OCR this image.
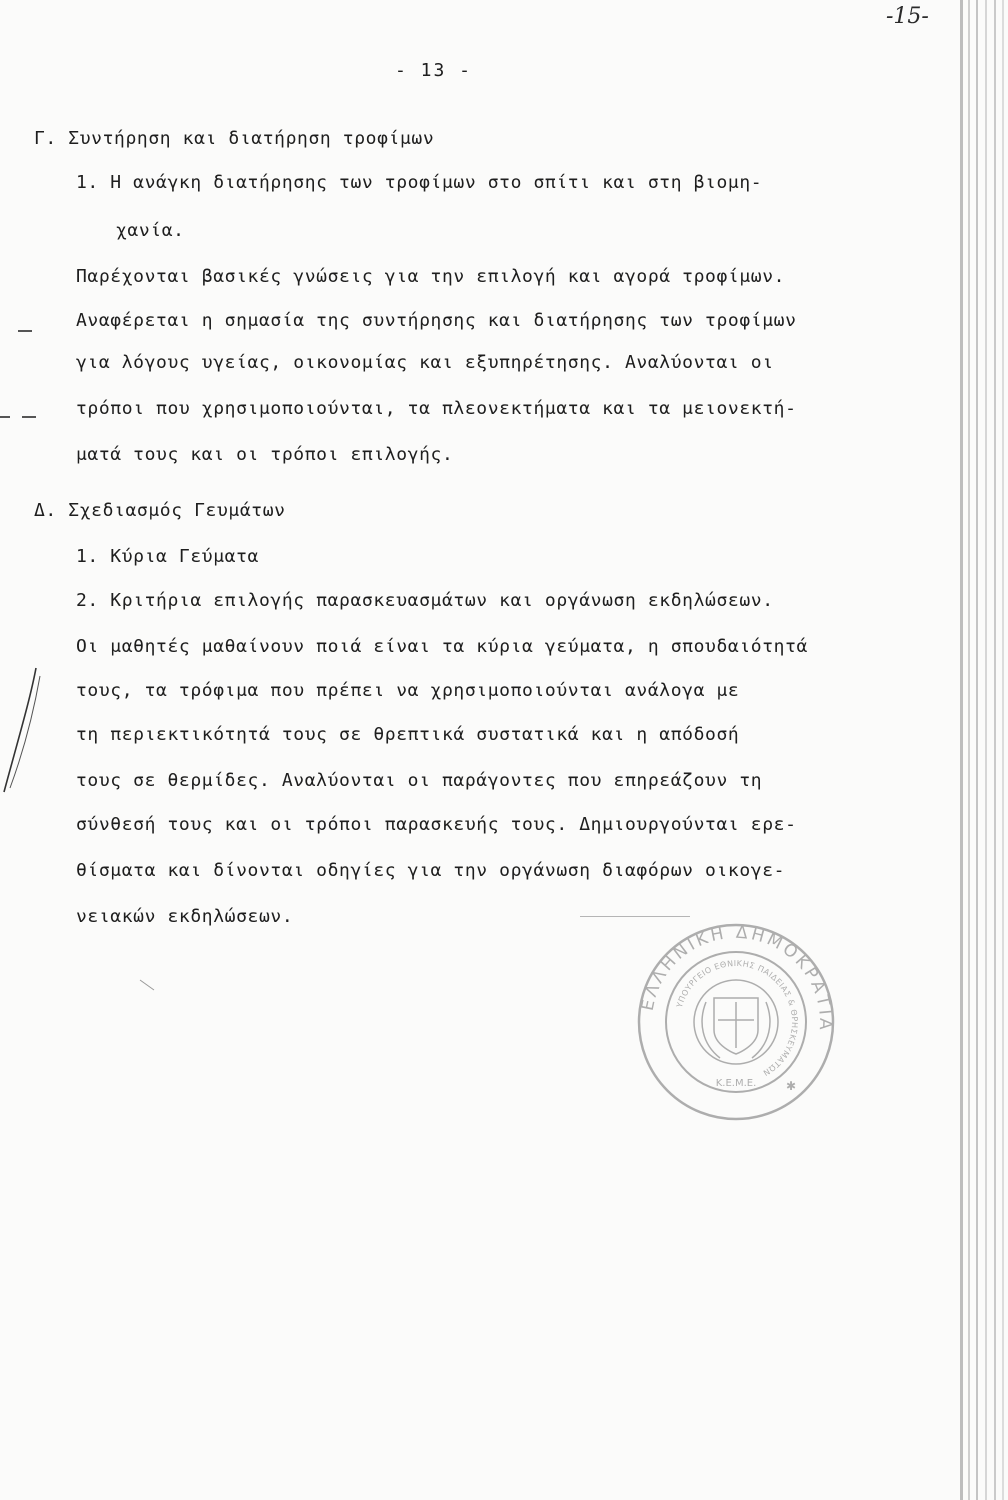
-15-
- 13 -
Γ. Συντήρηση και διατήρηση τροφίμων
1. Η ανάγκη διατήρησης των τροφίμων στο σπίτι και στη βιομη-
χανία.
Παρέχονται βασικές γνώσεις για την επιλογή και αγορά τροφίμων.
Αναφέρεται η σημασία της συντήρησης και διατήρησης των τροφίμων
για λόγους υγείας, οικονομίας και εξυπηρέτησης. Αναλύονται οι
τρόποι που χρησιμοποιούνται, τα πλεονεκτήματα και τα μειονεκτή-
ματά τους και οι τρόποι επιλογής.
Δ. Σχεδιασμός Γευμάτων
1. Κύρια Γεύματα
2. Κριτήρια επιλογής παρασκευασμάτων και οργάνωση εκδηλώσεων.
Οι μαθητές μαθαίνουν ποιά είναι τα κύρια γεύματα, η σπουδαιότητά
τους, τα τρόφιμα που πρέπει να χρησιμοποιούνται ανάλογα με
τη περιεκτικότητά τους σε θρεπτικά συστατικά και η απόδοσή
τους σε θερμίδες. Αναλύονται οι παράγοντες που επηρεάζουν τη
σύνθεσή τους και οι τρόποι παρασκευής τους. Δημιουργούνται ερε-
θίσματα και δίνονται οδηγίες για την οργάνωση διαφόρων οικογε-
νειακών εκδηλώσεων.
ΕΛΛΗΝΙΚΗ ΔΗΜΟΚΡΑΤΙΑ
ΥΠΟΥΡΓΕΙΟ ΕΘΝΙΚΗΣ ΠΑΙΔΕΙΑΣ & ΘΡΗΣΚΕΥΜΑΤΩΝ
Κ.Ε.Μ.Ε. ✱
